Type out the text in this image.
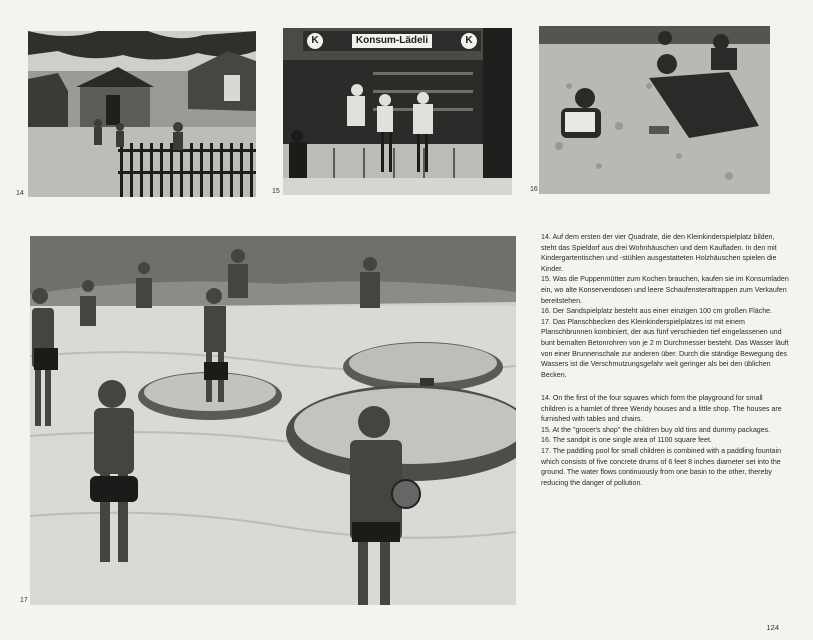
14
K	Konsum-Lädeli	K
15	16
17

14. Auf dem ersten der vier Quadrate, die den Kleinkinderspielplatz bilden, steht das Spieldorf aus drei Wohnhäuschen und dem Kaufladen. In den mit Kindergartentischen und -stühlen ausgestatteten Holzhäuschen spielen die Kinder.

15. Was die Puppenmütter zum Kochen brauchen, kaufen sie im Konsumladen ein, wo alte Konservendosen und leere Schaufensterattrappen zum Verkaufen bereitstehen.

16. Der Sandspielplatz besteht aus einer einzigen 100 cm großen Fläche.

17. Das Planschbecken des Kleinkinderspielplatzes ist mit einem Planschbrunnen kombiniert, der aus fünf verschieden tief eingelassenen und bunt bemalten Betonrohren von je 2 m Durchmesser besteht. Das Wasser läuft von einer Brunnenschale zur anderen über. Durch die ständige Bewegung des Wassers ist die Verschmutzungsgefahr weit geringer als bei den üblichen Becken.

14. On the first of the four squares which form the playground for small children is a hamlet of three Wendy houses and a little shop. The houses are furnished with tables and chairs.

15. At the "grocer's shop" the children buy old tins and dummy packages.

16. The sandpit is one single area of 1100 square feet.

17. The paddling pool for small children is combined with a paddling fountain which consists of five concrete drums of 6 feet 8 inches diameter set into the ground. The water flows continuously from one basin to the other, thereby reducing the danger of pollution.

124
